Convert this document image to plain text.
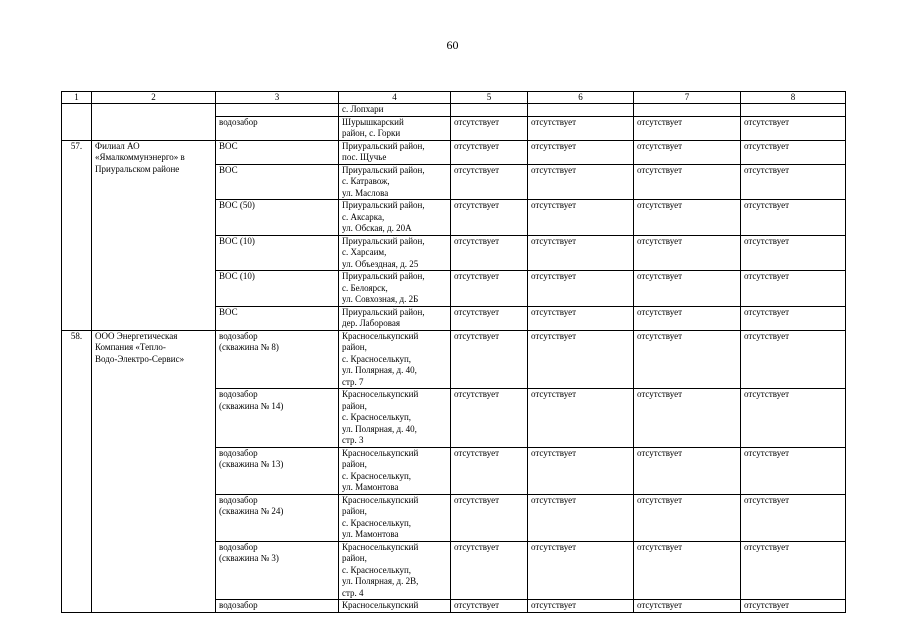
60
1	2	3	4	5	6	7	8
			с. Лопхари				
		водозабор	Шурышкарский
район, с. Горки	отсутствует	отсутствует	отсутствует	отсутствует
57.	Филиал АО
«Ямалкоммунэнерго» в
Приуральском районе	ВОС	Приуральский район,
пос. Щучье	отсутствует	отсутствует	отсутствует	отсутствует
		ВОС	Приуральский район,
с. Катравож,
ул. Маслова	отсутствует	отсутствует	отсутствует	отсутствует
		ВОС (50)	Приуральский район,
с. Аксарка,
ул. Обская, д. 20А	отсутствует	отсутствует	отсутствует	отсутствует
		ВОС (10)	Приуральский район,
с. Харсаим,
ул. Объездная, д. 25	отсутствует	отсутствует	отсутствует	отсутствует
		ВОС (10)	Приуральский район,
с. Белоярск,
ул. Совхозная, д. 2Б	отсутствует	отсутствует	отсутствует	отсутствует
		ВОС	Приуральский район,
дер. Лаборовая	отсутствует	отсутствует	отсутствует	отсутствует
58.	ООО Энергетическая
Компания «Тепло-
Водо-Электро-Сервис»	водозабор
(скважина № 8)	Красноселькупский
район,
с. Красноселькуп,
ул. Полярная, д. 40,
стр. 7	отсутствует	отсутствует	отсутствует	отсутствует
		водозабор
(скважина № 14)	Красноселькупский
район,
с. Красноселькуп,
ул. Полярная, д. 40,
стр. 3	отсутствует	отсутствует	отсутствует	отсутствует
		водозабор
(скважина № 13)	Красноселькупский
район,
с. Красноселькуп,
ул. Мамонтова	отсутствует	отсутствует	отсутствует	отсутствует
		водозабор
(скважина № 24)	Красноселькупский
район,
с. Красноселькуп,
ул. Мамонтова	отсутствует	отсутствует	отсутствует	отсутствует
		водозабор
(скважина № 3)	Красноселькупский
район,
с. Красноселькуп,
ул. Полярная, д. 2В,
стр. 4	отсутствует	отсутствует	отсутствует	отсутствует
		водозабор	Красноселькупский	отсутствует	отсутствует	отсутствует	отсутствует
